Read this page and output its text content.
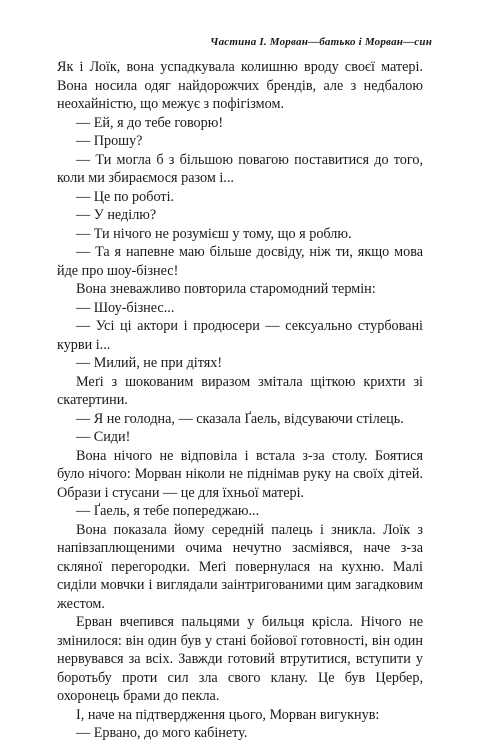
Частина І. Морван—батько і Морван—син

Як і Лоїк, вона успадкувала колишню вроду своєї матері. Вона носила одяг найдорожчих брендів, але з недбалою неохайністю, що межує з пофігізмом.

— Ей, я до тебе говорю!

— Прошу?

— Ти могла б з більшою повагою поставитися до того, коли ми збираємося разом і...

— Це по роботі.

— У неділю?

— Ти нічого не розумієш у тому, що я роблю.

— Та я напевне маю більше досвіду, ніж ти, якщо мова йде про шоу-бізнес!

Вона зневажливо повторила старомодний термін:

— Шоу-бізнес...

— Усі ці актори і продюсери — сексуально стурбовані курви і...

— Милий, не при дітях!

Меґі з шокованим виразом змітала щіткою крихти зі скатертини.

— Я не голодна, — сказала Ґаель, відсуваючи стілець.

— Сиди!

Вона нічого не відповіла і встала з-за столу. Боятися було нічого: Морван ніколи не піднімав руку на своїх дітей. Образи і стусани — це для їхньої матері.

— Ґаель, я тебе попереджаю...

Вона показала йому середній палець і зникла. Лоїк з напівзаплющеними очима нечутно засміявся, наче з-за скляної перегородки. Меґі повернулася на кухню. Малі сиділи мовчки і виглядали заінтригованими цим загадковим жестом.

Ерван вчепився пальцями у бильця крісла. Нічого не змінилося: він один був у стані бойової готовності, він один нервувався за всіх. Завжди готовий втрутитися, вступити у боротьбу проти сил зла свого клану. Це був Цербер, охоронець брами до пекла.

І, наче на підтвердження цього, Морван вигукнув:

— Ервано, до мого кабінету.
